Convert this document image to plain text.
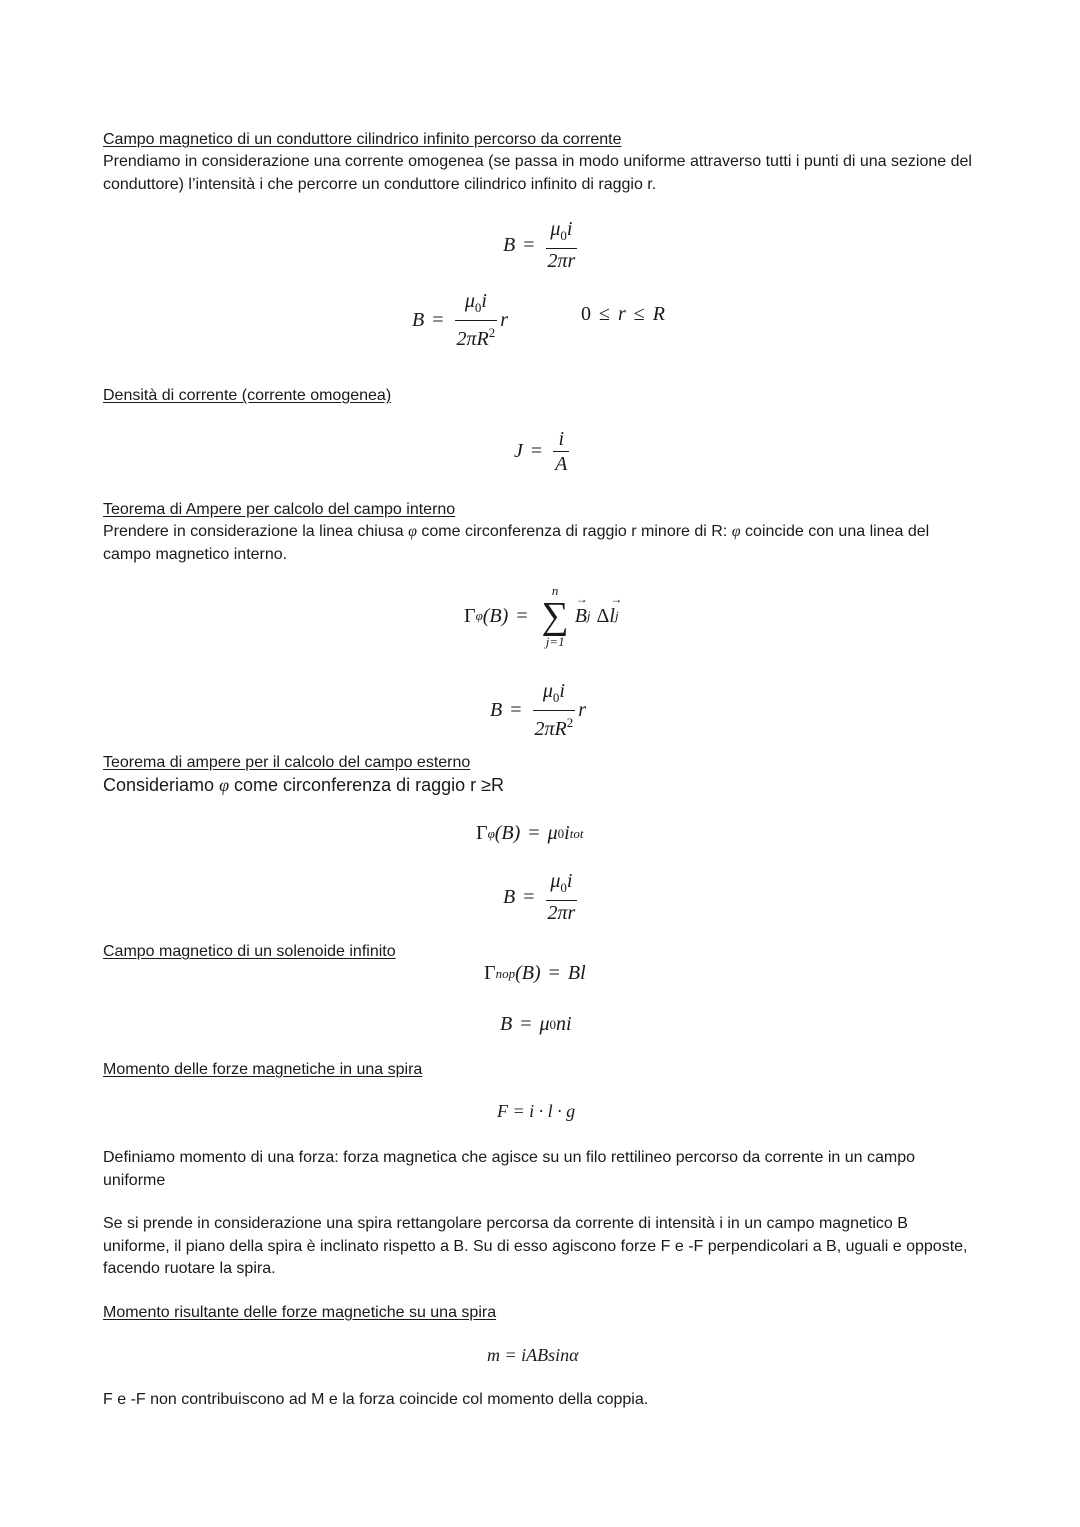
Campo magnetico di un conduttore cilindrico infinito percorso da corrente
Prendiamo in considerazione una corrente omogenea (se passa in modo uniforme attraverso tutti i punti di una sezione del conduttore) l’intensità i che percorre un conduttore cilindrico infinito di raggio r.
$B = \frac{\mu_0i}{2\pi r}$
$B = \frac{\mu_0i}{2\pi R^2}$ r	0 ≤ r ≤ R
Densità di corrente (corrente omogenea)
$J = \frac{i}{A}$
Teorema di Ampere per calcolo del campo interno
Prendere in considerazione la linea chiusa φ come circonferenza di raggio r minore di R: φ coincide con una linea del campo magnetico interno.
Γ φ (B) =
n
∑
j=1
→ B j Δ
→ l j
$B = \frac{\mu_0i}{2\pi R^2}$ r
Teorema di ampere per il calcolo del campo esterno
Consideriamo φ come circonferenza di raggio r ≥R
Γ φ (B) = μ 0 i tot
$B = \frac{\mu_0i}{2\pi r}$
Campo magnetico di un solenoide infinito
Γ nop (B) = Bl
B = μ 0 ni
Momento delle forze magnetiche in una spira
F = i · l · g
Definiamo momento di una forza: forza magnetica che agisce su un filo rettilineo percorso da corrente in un campo uniforme
Se si prende in considerazione una spira rettangolare percorsa da corrente di intensità i in un campo magnetico B uniforme, il piano della spira è inclinato rispetto a B. Su di esso agiscono forze F e -F perpendicolari a B, uguali e opposte, facendo ruotare la spira.
Momento risultante delle forze magnetiche su una spira
m = iABsinα
F e -F non contribuiscono ad M e la forza coincide col momento della coppia.
